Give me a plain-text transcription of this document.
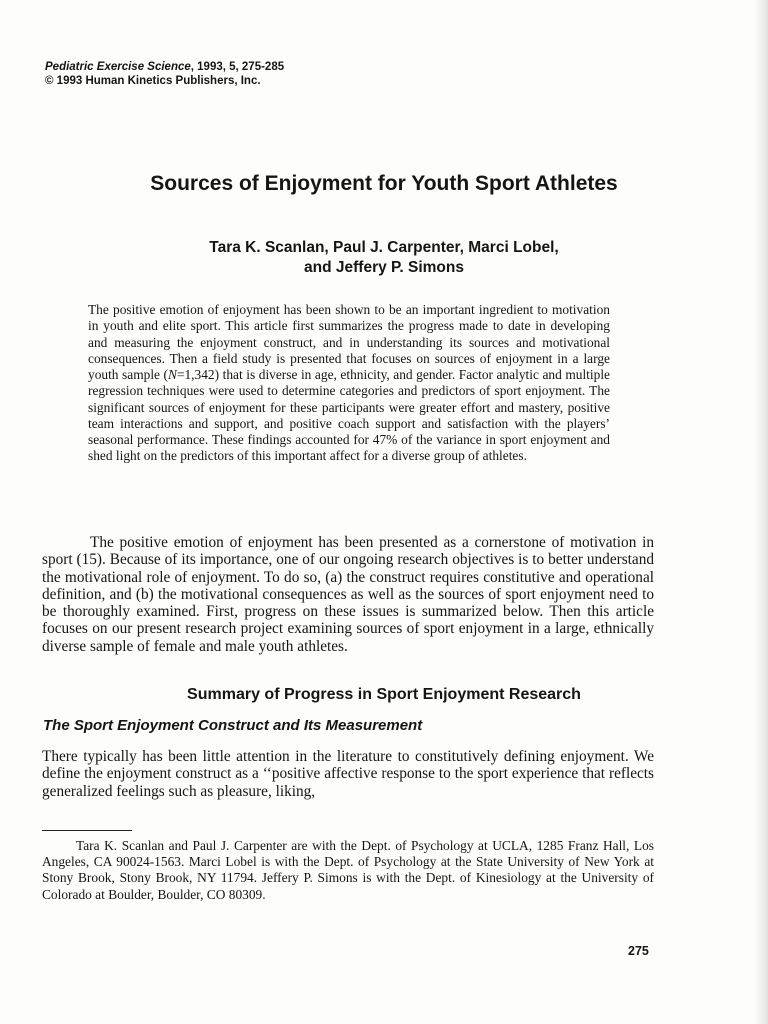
Pediatric Exercise Science, 1993, 5, 275-285
© 1993 Human Kinetics Publishers, Inc.
Sources of Enjoyment for Youth Sport Athletes
Tara K. Scanlan, Paul J. Carpenter, Marci Lobel,
and Jeffery P. Simons

The positive emotion of enjoyment has been shown to be an important ingredient to motivation in youth and elite sport. This article first summarizes the progress made to date in developing and measuring the enjoyment construct, and in understanding its sources and motivational consequences. Then a field study is presented that focuses on sources of enjoyment in a large youth sample (N=1,342) that is diverse in age, ethnicity, and gender. Factor analytic and multiple regression techniques were used to determine categories and predictors of sport enjoyment. The significant sources of enjoyment for these participants were greater effort and mastery, positive team interactions and support, and positive coach support and satisfaction with the players’ seasonal performance. These findings accounted for 47% of the variance in sport enjoyment and shed light on the predictors of this important affect for a diverse group of athletes.

The positive emotion of enjoyment has been presented as a cornerstone of motivation in sport (15). Because of its importance, one of our ongoing research objectives is to better understand the motivational role of enjoyment. To do so, (a) the construct requires constitutive and operational definition, and (b) the motivational consequences as well as the sources of sport enjoyment need to be thoroughly examined. First, progress on these issues is summarized below. Then this article focuses on our present research project examining sources of sport enjoyment in a large, ethnically diverse sample of female and male youth athletes.

Summary of Progress in Sport Enjoyment Research
The Sport Enjoyment Construct and Its Measurement

There typically has been little attention in the literature to constitutively defining enjoyment. We define the enjoyment construct as a ‘‘positive affective response to the sport experience that reflects generalized feelings such as pleasure, liking,

Tara K. Scanlan and Paul J. Carpenter are with the Dept. of Psychology at UCLA, 1285 Franz Hall, Los Angeles, CA 90024-1563. Marci Lobel is with the Dept. of Psychology at the State University of New York at Stony Brook, Stony Brook, NY 11794. Jeffery P. Simons is with the Dept. of Kinesiology at the University of Colorado at Boulder, Boulder, CO 80309.

275
